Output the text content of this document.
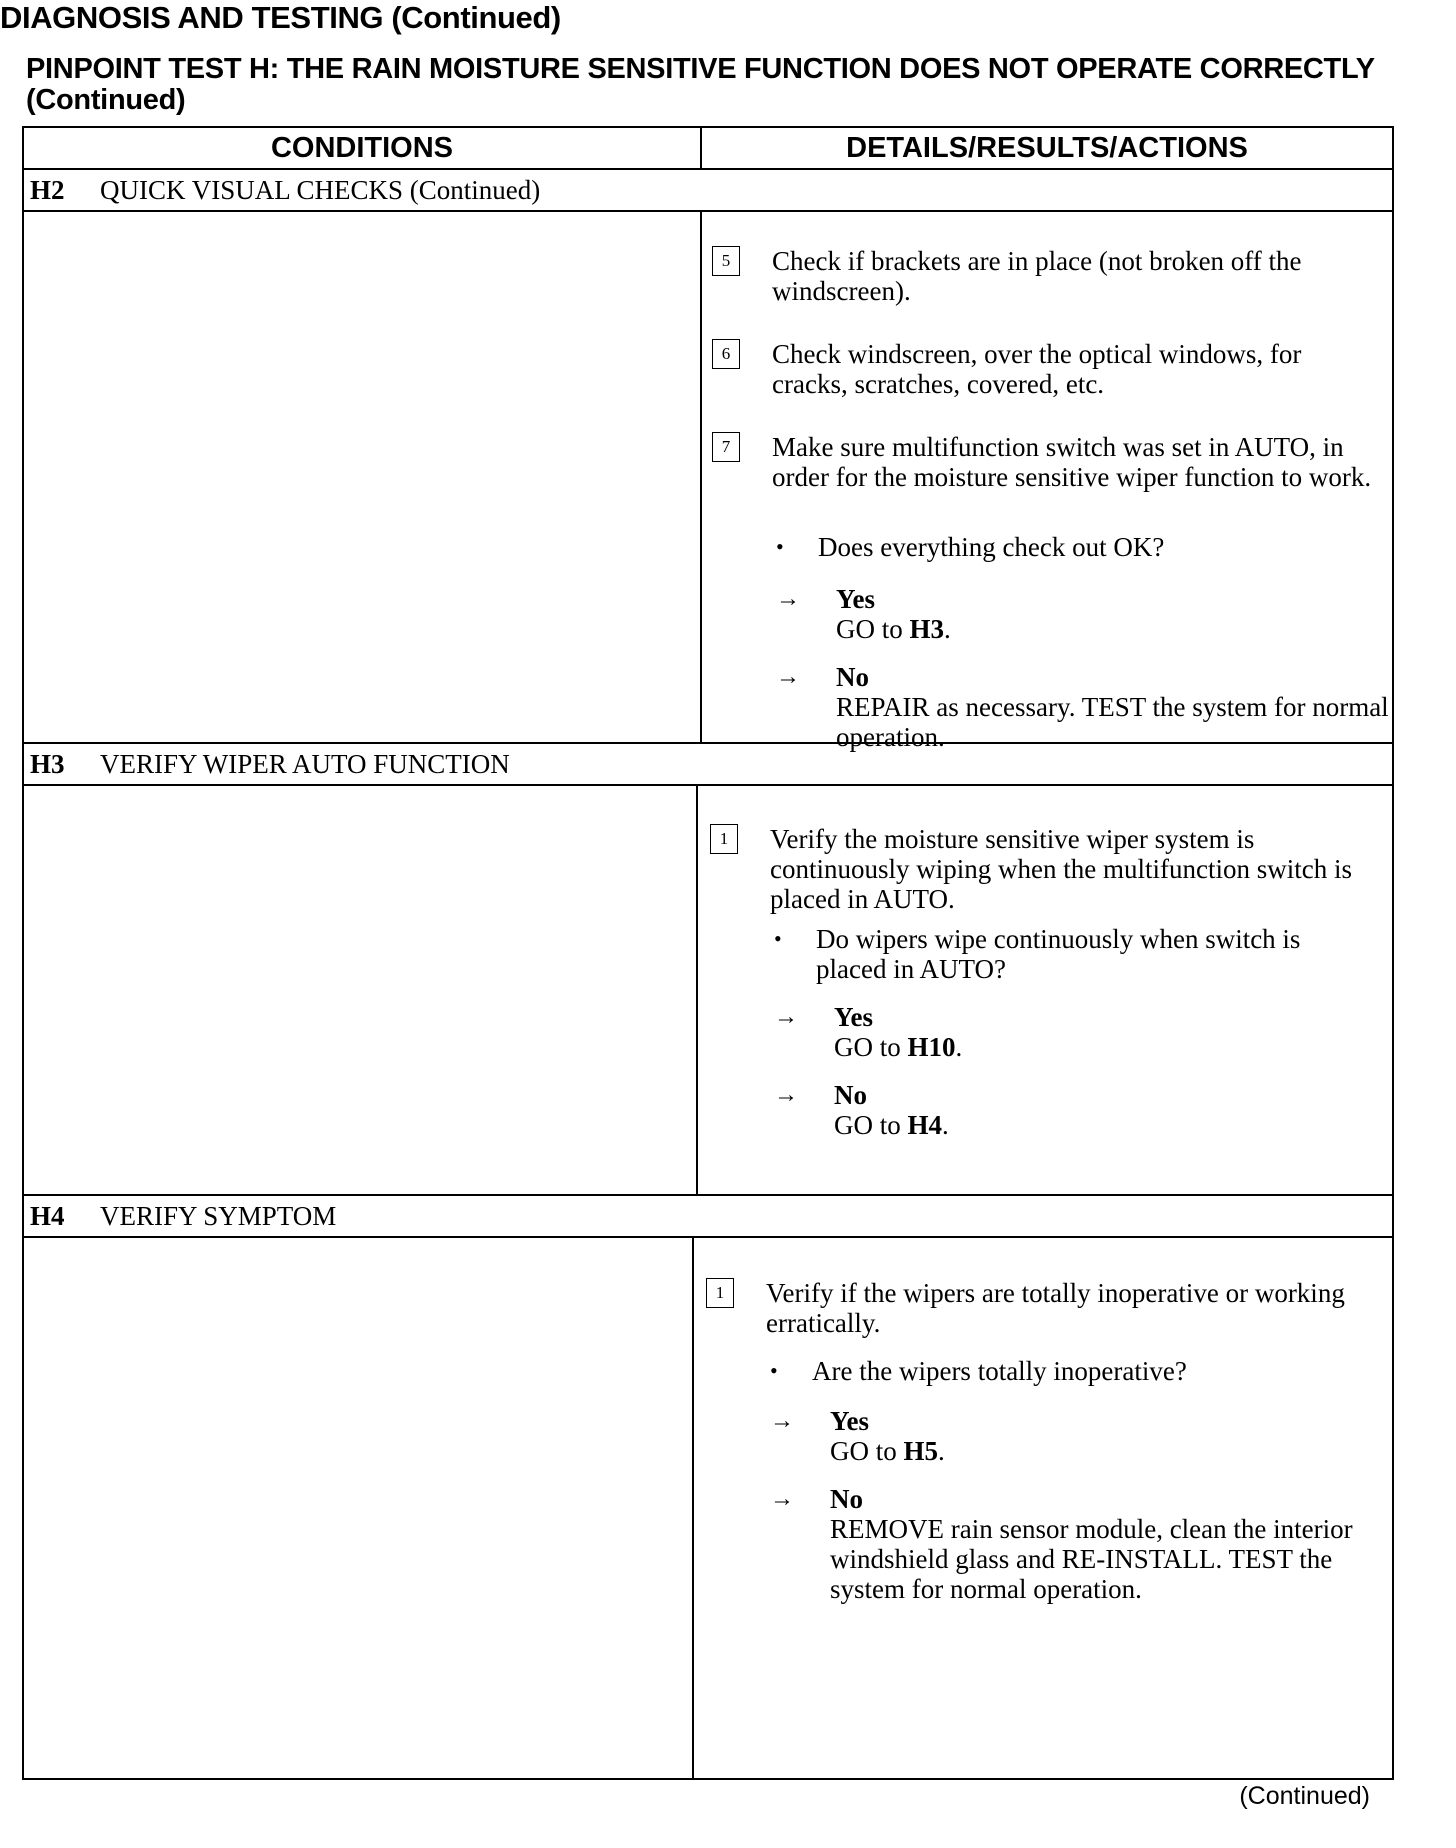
DIAGNOSIS AND TESTING (Continued)
PINPOINT TEST H: THE RAIN MOISTURE SENSITIVE FUNCTION DOES NOT OPERATE CORRECTLY (Continued)
CONDITIONS	DETAILS/RESULTS/ACTIONS
H2 QUICK VISUAL CHECKS (Continued)
5	Check if brackets are in place (not broken off the windscreen).
6	Check windscreen, over the optical windows, for cracks, scratches, covered, etc.
7	Make sure multifunction switch was set in AUTO, in order for the moisture sensitive wiper function to work.
• Does everything check out OK?
→ Yes
GO to H3.
→ No
REPAIR as necessary. TEST the system for normal operation.
H3 VERIFY WIPER AUTO FUNCTION
1	Verify the moisture sensitive wiper system is continuously wiping when the multifunction switch is placed in AUTO.
• Do wipers wipe continuously when switch is placed in AUTO?
→ Yes
GO to H10.
→ No
GO to H4.
H4 VERIFY SYMPTOM
1	Verify if the wipers are totally inoperative or working erratically.
• Are the wipers totally inoperative?
→ Yes
GO to H5.
→ No
REMOVE rain sensor module, clean the interior windshield glass and RE-INSTALL. TEST the system for normal operation.
(Continued)
